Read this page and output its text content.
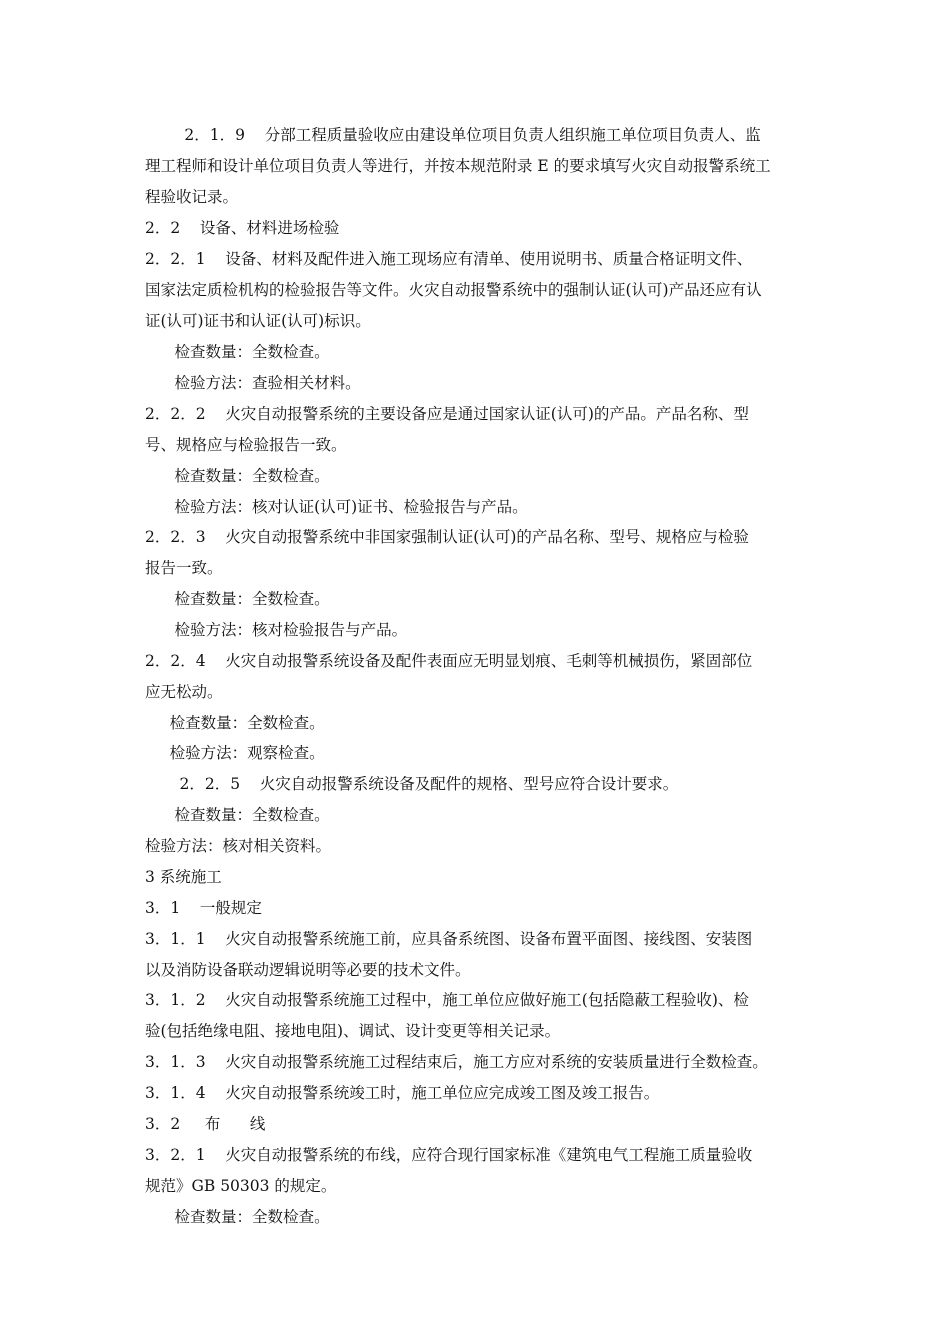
2．1．9    分部工程质量验收应由建设单位项目负责人组织施工单位项目负责人、监

理工程师和设计单位项目负责人等进行，并按本规范附录 E 的要求填写火灾自动报警系统工

程验收记录。

2．2    设备、材料进场检验

2．2．1    设备、材料及配件进入施工现场应有清单、使用说明书、质量合格证明文件、

国家法定质检机构的检验报告等文件。火灾自动报警系统中的强制认证(认可)产品还应有认

证(认可)证书和认证(认可)标识。

检查数量：全数检查。

检验方法：查验相关材料。

2．2．2    火灾自动报警系统的主要设备应是通过国家认证(认可)的产品。产品名称、型

号、规格应与检验报告一致。

检查数量：全数检查。

检验方法：核对认证(认可)证书、检验报告与产品。

2．2．3    火灾自动报警系统中非国家强制认证(认可)的产品名称、型号、规格应与检验

报告一致。

检查数量：全数检查。

检验方法：核对检验报告与产品。

2．2．4    火灾自动报警系统设备及配件表面应无明显划痕、毛刺等机械损伤，紧固部位

应无松动。

检查数量：全数检查。

检验方法：观察检查。

2．2．5    火灾自动报警系统设备及配件的规格、型号应符合设计要求。

检查数量：全数检查。

检验方法：核对相关资料。

3 系统施工

3．1    一般规定

3．1．1    火灾自动报警系统施工前，应具备系统图、设备布置平面图、接线图、安装图

以及消防设备联动逻辑说明等必要的技术文件。

3．1．2    火灾自动报警系统施工过程中，施工单位应做好施工(包括隐蔽工程验收)、检

验(包括绝缘电阻、接地电阻)、调试、设计变更等相关记录。

3．1．3    火灾自动报警系统施工过程结束后，施工方应对系统的安装质量进行全数检查。

3．1．4    火灾自动报警系统竣工时，施工单位应完成竣工图及竣工报告。

3．2     布      线

3．2．1    火灾自动报警系统的布线，应符合现行国家标准《建筑电气工程施工质量验收

规范》GB 50303 的规定。

检查数量：全数检查。
